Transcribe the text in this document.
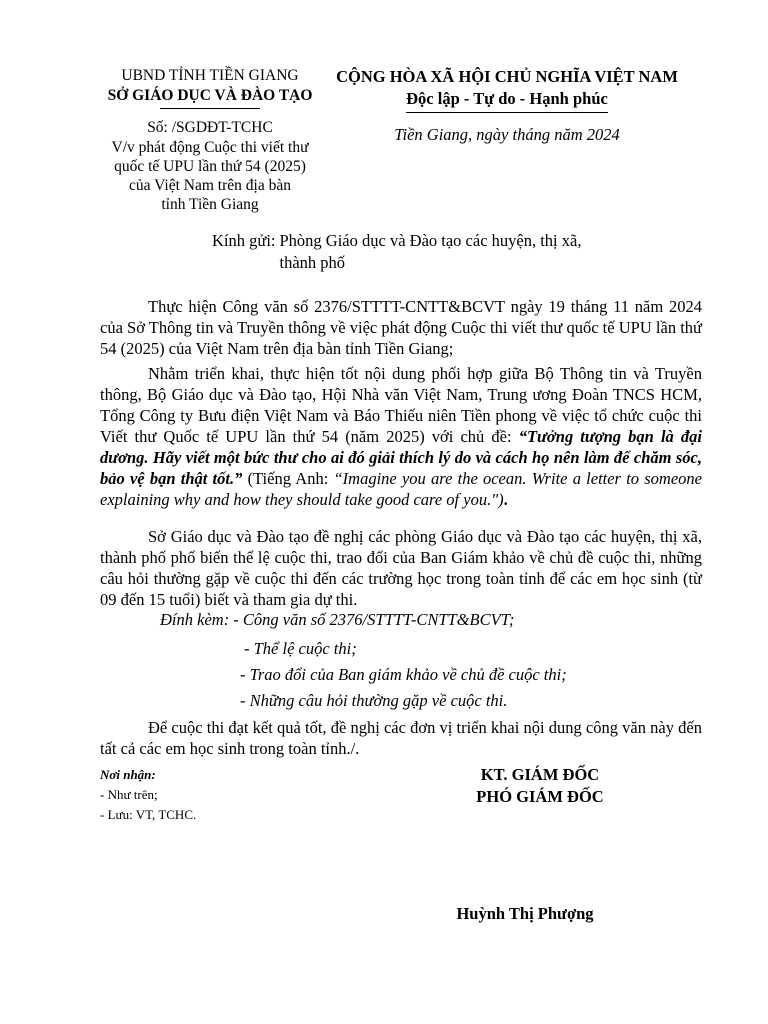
UBND TỈNH TIỀN GIANG
SỞ GIÁO DỤC VÀ ĐÀO TẠO
Số: /SGDĐT-TCHC
V/v phát động Cuộc thi viết thư
quốc tế UPU lần thứ 54 (2025)
của Việt Nam trên địa bàn
tỉnh Tiền Giang
CỘNG HÒA XÃ HỘI CHỦ NGHĨA VIỆT NAM
Độc lập - Tự do - Hạnh phúc
Tiền Giang, ngày tháng năm 2024
Kính gửi: Phòng Giáo dục và Đào tạo các huyện, thị xã,
thành phố

Thực hiện Công văn số 2376/STTTT-CNTT&BCVT ngày 19 tháng 11 năm 2024 của Sở Thông tin và Truyền thông về việc phát động Cuộc thi viết thư quốc tế UPU lần thứ 54 (2025) của Việt Nam trên địa bàn tỉnh Tiền Giang;

Nhằm triển khai, thực hiện tốt nội dung phối hợp giữa Bộ Thông tin và Truyền thông, Bộ Giáo dục và Đào tạo, Hội Nhà văn Việt Nam, Trung ương Đoàn TNCS HCM, Tổng Công ty Bưu điện Việt Nam và Báo Thiếu niên Tiền phong về việc tổ chức cuộc thi Viết thư Quốc tế UPU lần thứ 54 (năm 2025) với chủ đề: “Tưởng tượng bạn là đại dương. Hãy viết một bức thư cho ai đó giải thích lý do và cách họ nên làm để chăm sóc, bảo vệ bạn thật tốt.” (Tiếng Anh: “Imagine you are the ocean. Write a letter to someone explaining why and how they should take good care of you.").

Sở Giáo dục và Đào tạo đề nghị các phòng Giáo dục và Đào tạo các huyện, thị xã, thành phố phổ biến thể lệ cuộc thi, trao đổi của Ban Giám khảo về chủ đề cuộc thi, những câu hỏi thường gặp về cuộc thi đến các trường học trong toàn tỉnh để các em học sinh (từ 09 đến 15 tuổi) biết và tham gia dự thi.

Đính kèm: - Công văn số 2376/STTTT-CNTT&BCVT;
- Thể lệ cuộc thi;
- Trao đổi của Ban giám khảo về chủ đề cuộc thi;
- Những câu hỏi thường gặp về cuộc thi.

Để cuộc thi đạt kết quả tốt, đề nghị các đơn vị triển khai nội dung công văn này đến tất cả các em học sinh trong toàn tỉnh./.

Nơi nhận:
- Như trên;
- Lưu: VT, TCHC.
KT. GIÁM ĐỐC
PHÓ GIÁM ĐỐC
Huỳnh Thị Phượng
